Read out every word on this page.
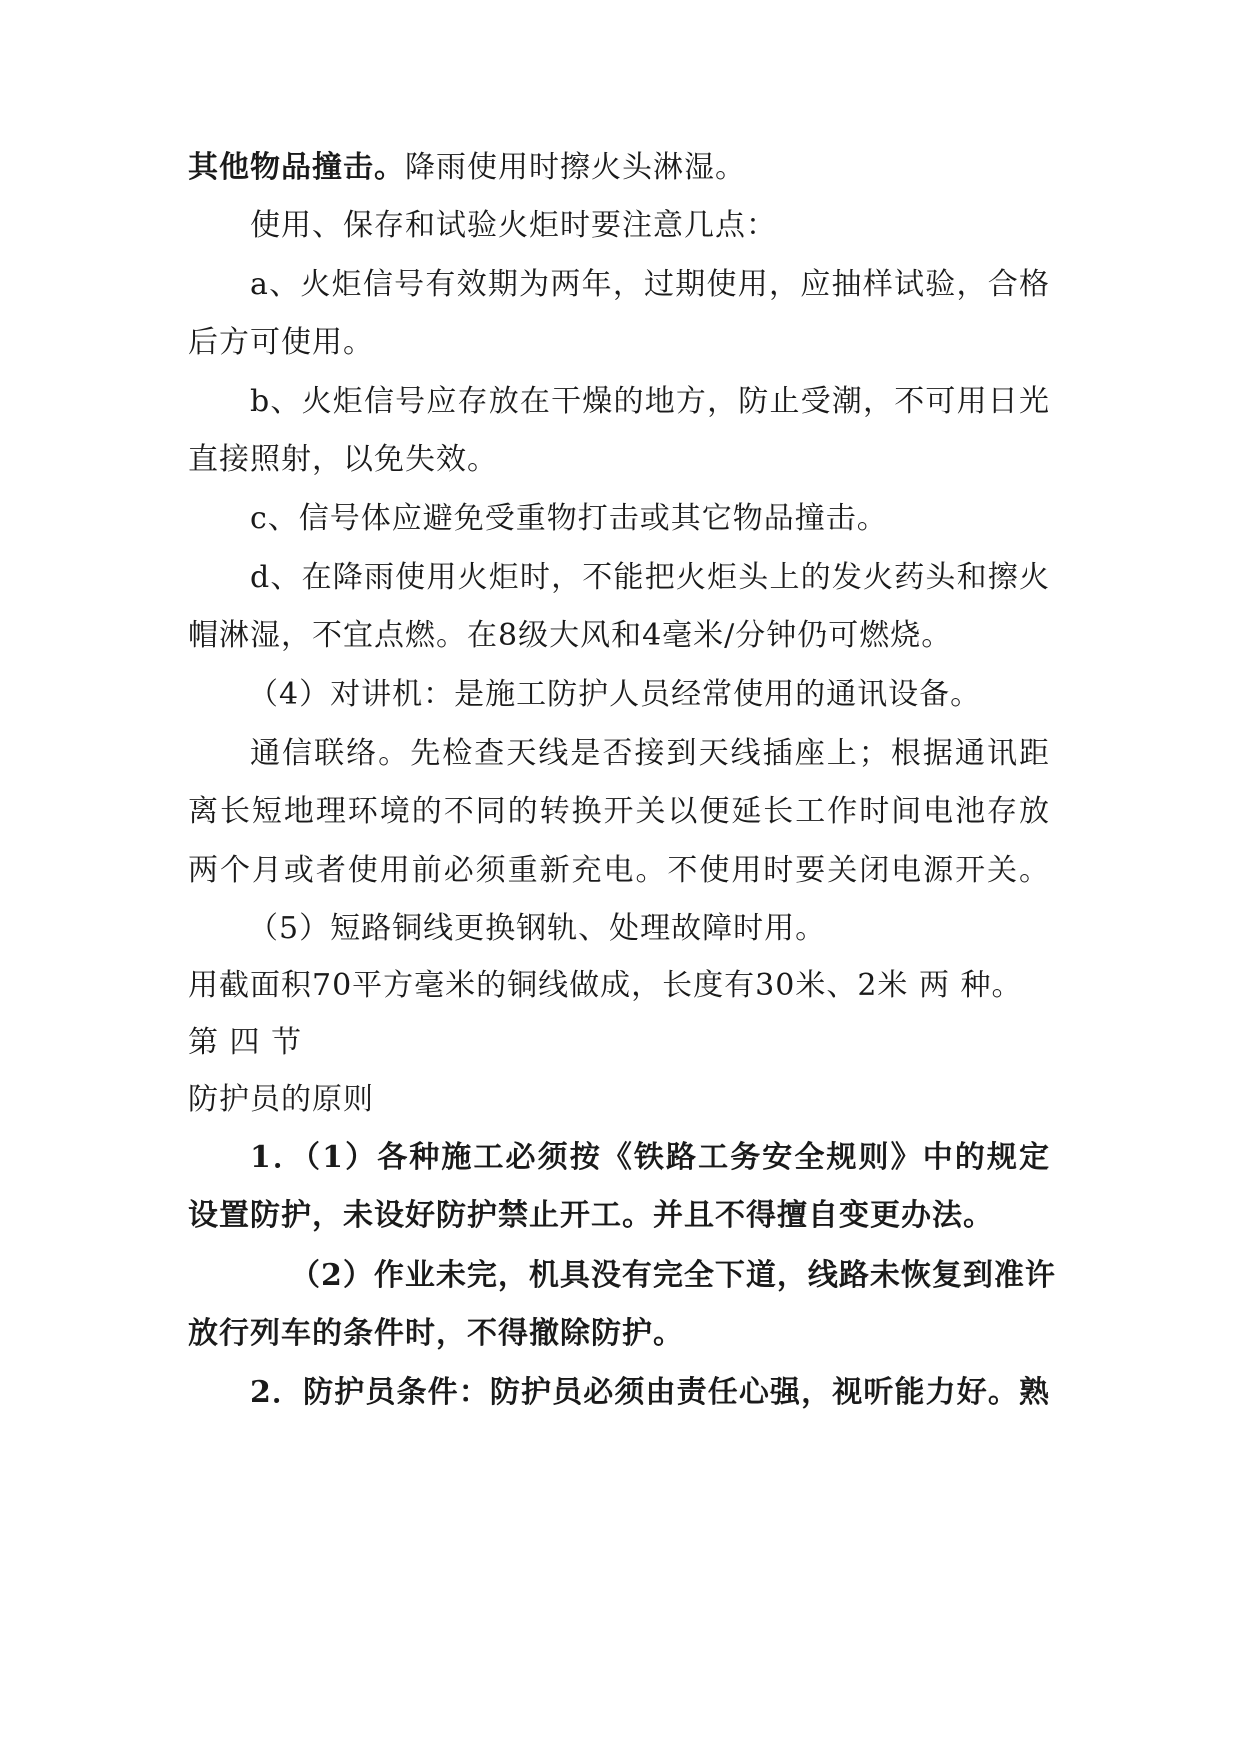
其他物品撞击。降雨使用时擦火头淋湿。
使用、保存和试验火炬时要注意几点：
a、火炬信号有效期为两年，过期使用，应抽样试验，合格
后方可使用。
b、火炬信号应存放在干燥的地方，防止受潮，不可用日光
直接照射，以免失效。
c、信号体应避免受重物打击或其它物品撞击。
d、在降雨使用火炬时，不能把火炬头上的发火药头和擦火
帽淋湿，不宜点燃。在8级大风和4毫米/分钟仍可燃烧。
（4）对讲机：是施工防护人员经常使用的通讯设备。
通信联络。先检查天线是否接到天线插座上；根据通讯距
离长短地理环境的不同的转换开关以便延长工作时间电池存放
两个月或者使用前必须重新充电。不使用时要关闭电源开关。
（5）短路铜线更换钢轨、处理故障时用。
用截面积70平方毫米的铜线做成，长度有30米、2米 两 种。
第 四 节
防护员的原则
1．（1）各种施工必须按《铁路工务安全规则》中的规定
设置防护，未设好防护禁止开工。并且不得擅自变更办法。
（2）作业未完，机具没有完全下道，线路未恢复到准许
放行列车的条件时，不得撤除防护。
2．防护员条件：防护员必须由责任心强，视听能力好。熟
